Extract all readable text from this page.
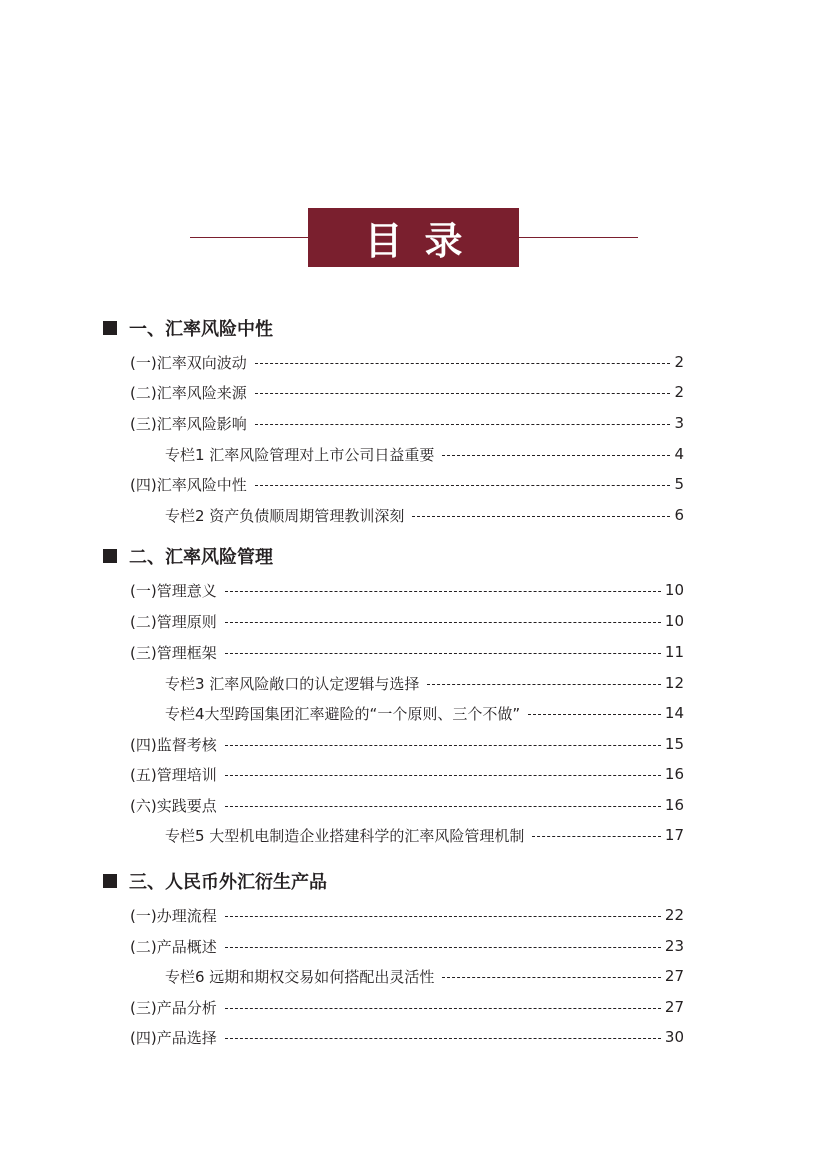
目录
一、汇率风险中性
(一)汇率双向波动	2
(二)汇率风险来源	2
(三)汇率风险影响	3
专栏1 汇率风险管理对上市公司日益重要	4
(四)汇率风险中性	5
专栏2 资产负债顺周期管理教训深刻	6
二、汇率风险管理
(一)管理意义	10
(二)管理原则	10
(三)管理框架	11
专栏3 汇率风险敞口的认定逻辑与选择	12
专栏4大型跨国集团汇率避险的“一个原则、三个不做”	14
(四)监督考核	15
(五)管理培训	16
(六)实践要点	16
专栏5 大型机电制造企业搭建科学的汇率风险管理机制	17
三、人民币外汇衍生产品
(一)办理流程	22
(二)产品概述	23
专栏6 远期和期权交易如何搭配出灵活性	27
(三)产品分析	27
(四)产品选择	30
